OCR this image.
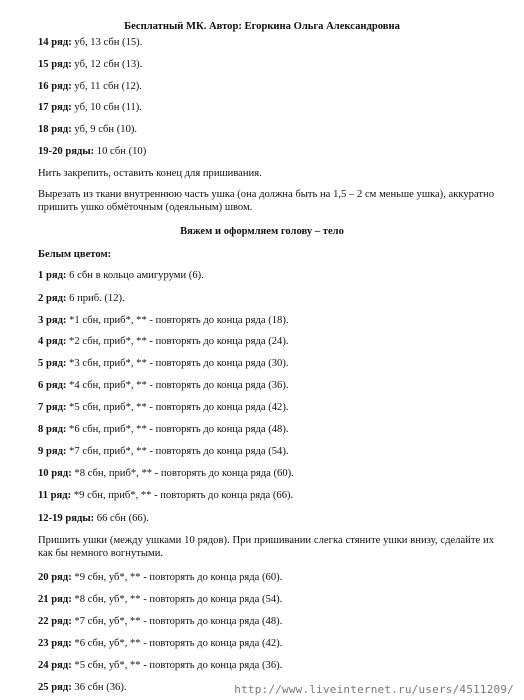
Бесплатный МК. Автор: Егоркина Ольга Александровна
14 ряд: уб, 13 сбн (15).
15 ряд: уб, 12 сбн (13).
16 ряд: уб, 11 сбн (12).
17 ряд: уб, 10 сбн (11).
18 ряд: уб, 9 сбн (10).
19-20 ряды: 10 сбн (10)
Нить закрепить, оставить конец для пришивания.
Вырезать из ткани внутреннюю часть ушка (она должна быть на 1,5 – 2 см меньше ушка), аккуратно пришить ушко обмёточным (одеяльным) швом.
Вяжем и оформляем голову – тело
Белым цветом:
1 ряд: 6 сбн в кольцо амигуруми (6).
2 ряд: 6 приб. (12).
3 ряд: *1 сбн, приб*, ** - повторять до конца ряда (18).
4 ряд: *2 сбн, приб*, ** - повторять до конца ряда (24).
5 ряд: *3 сбн, приб*, ** - повторять до конца ряда (30).
6 ряд: *4 сбн, приб*, ** - повторять до конца ряда (36).
7 ряд: *5 сбн, приб*, ** - повторять до конца ряда (42).
8 ряд: *6 сбн, приб*, ** - повторять до конца ряда (48).
9 ряд: *7 сбн, приб*, ** - повторять до конца ряда (54).
10 ряд: *8 сбн, приб*, ** - повторять до конца ряда (60).
11 ряд: *9 сбн, приб*, ** - повторять до конца ряда (66).
12-19 ряды: 66 сбн (66).
Пришить ушки (между ушками 10 рядов). При пришивании слегка стяните ушки внизу, сделайте их как бы немного вогнутыми.
20 ряд: *9 сбн, уб*, ** - повторять до конца ряда (60).
21 ряд: *8 сбн, уб*, ** - повторять до конца ряда (54).
22 ряд: *7 сбн, уб*, ** - повторять до конца ряда (48).
23 ряд: *6 сбн, уб*, ** - повторять до конца ряда (42).
24 ряд: *5 сбн, уб*, ** - повторять до конца ряда (36).
25 ряд: 36 сбн (36).	http://www.liveinternet.ru/users/4511209/
